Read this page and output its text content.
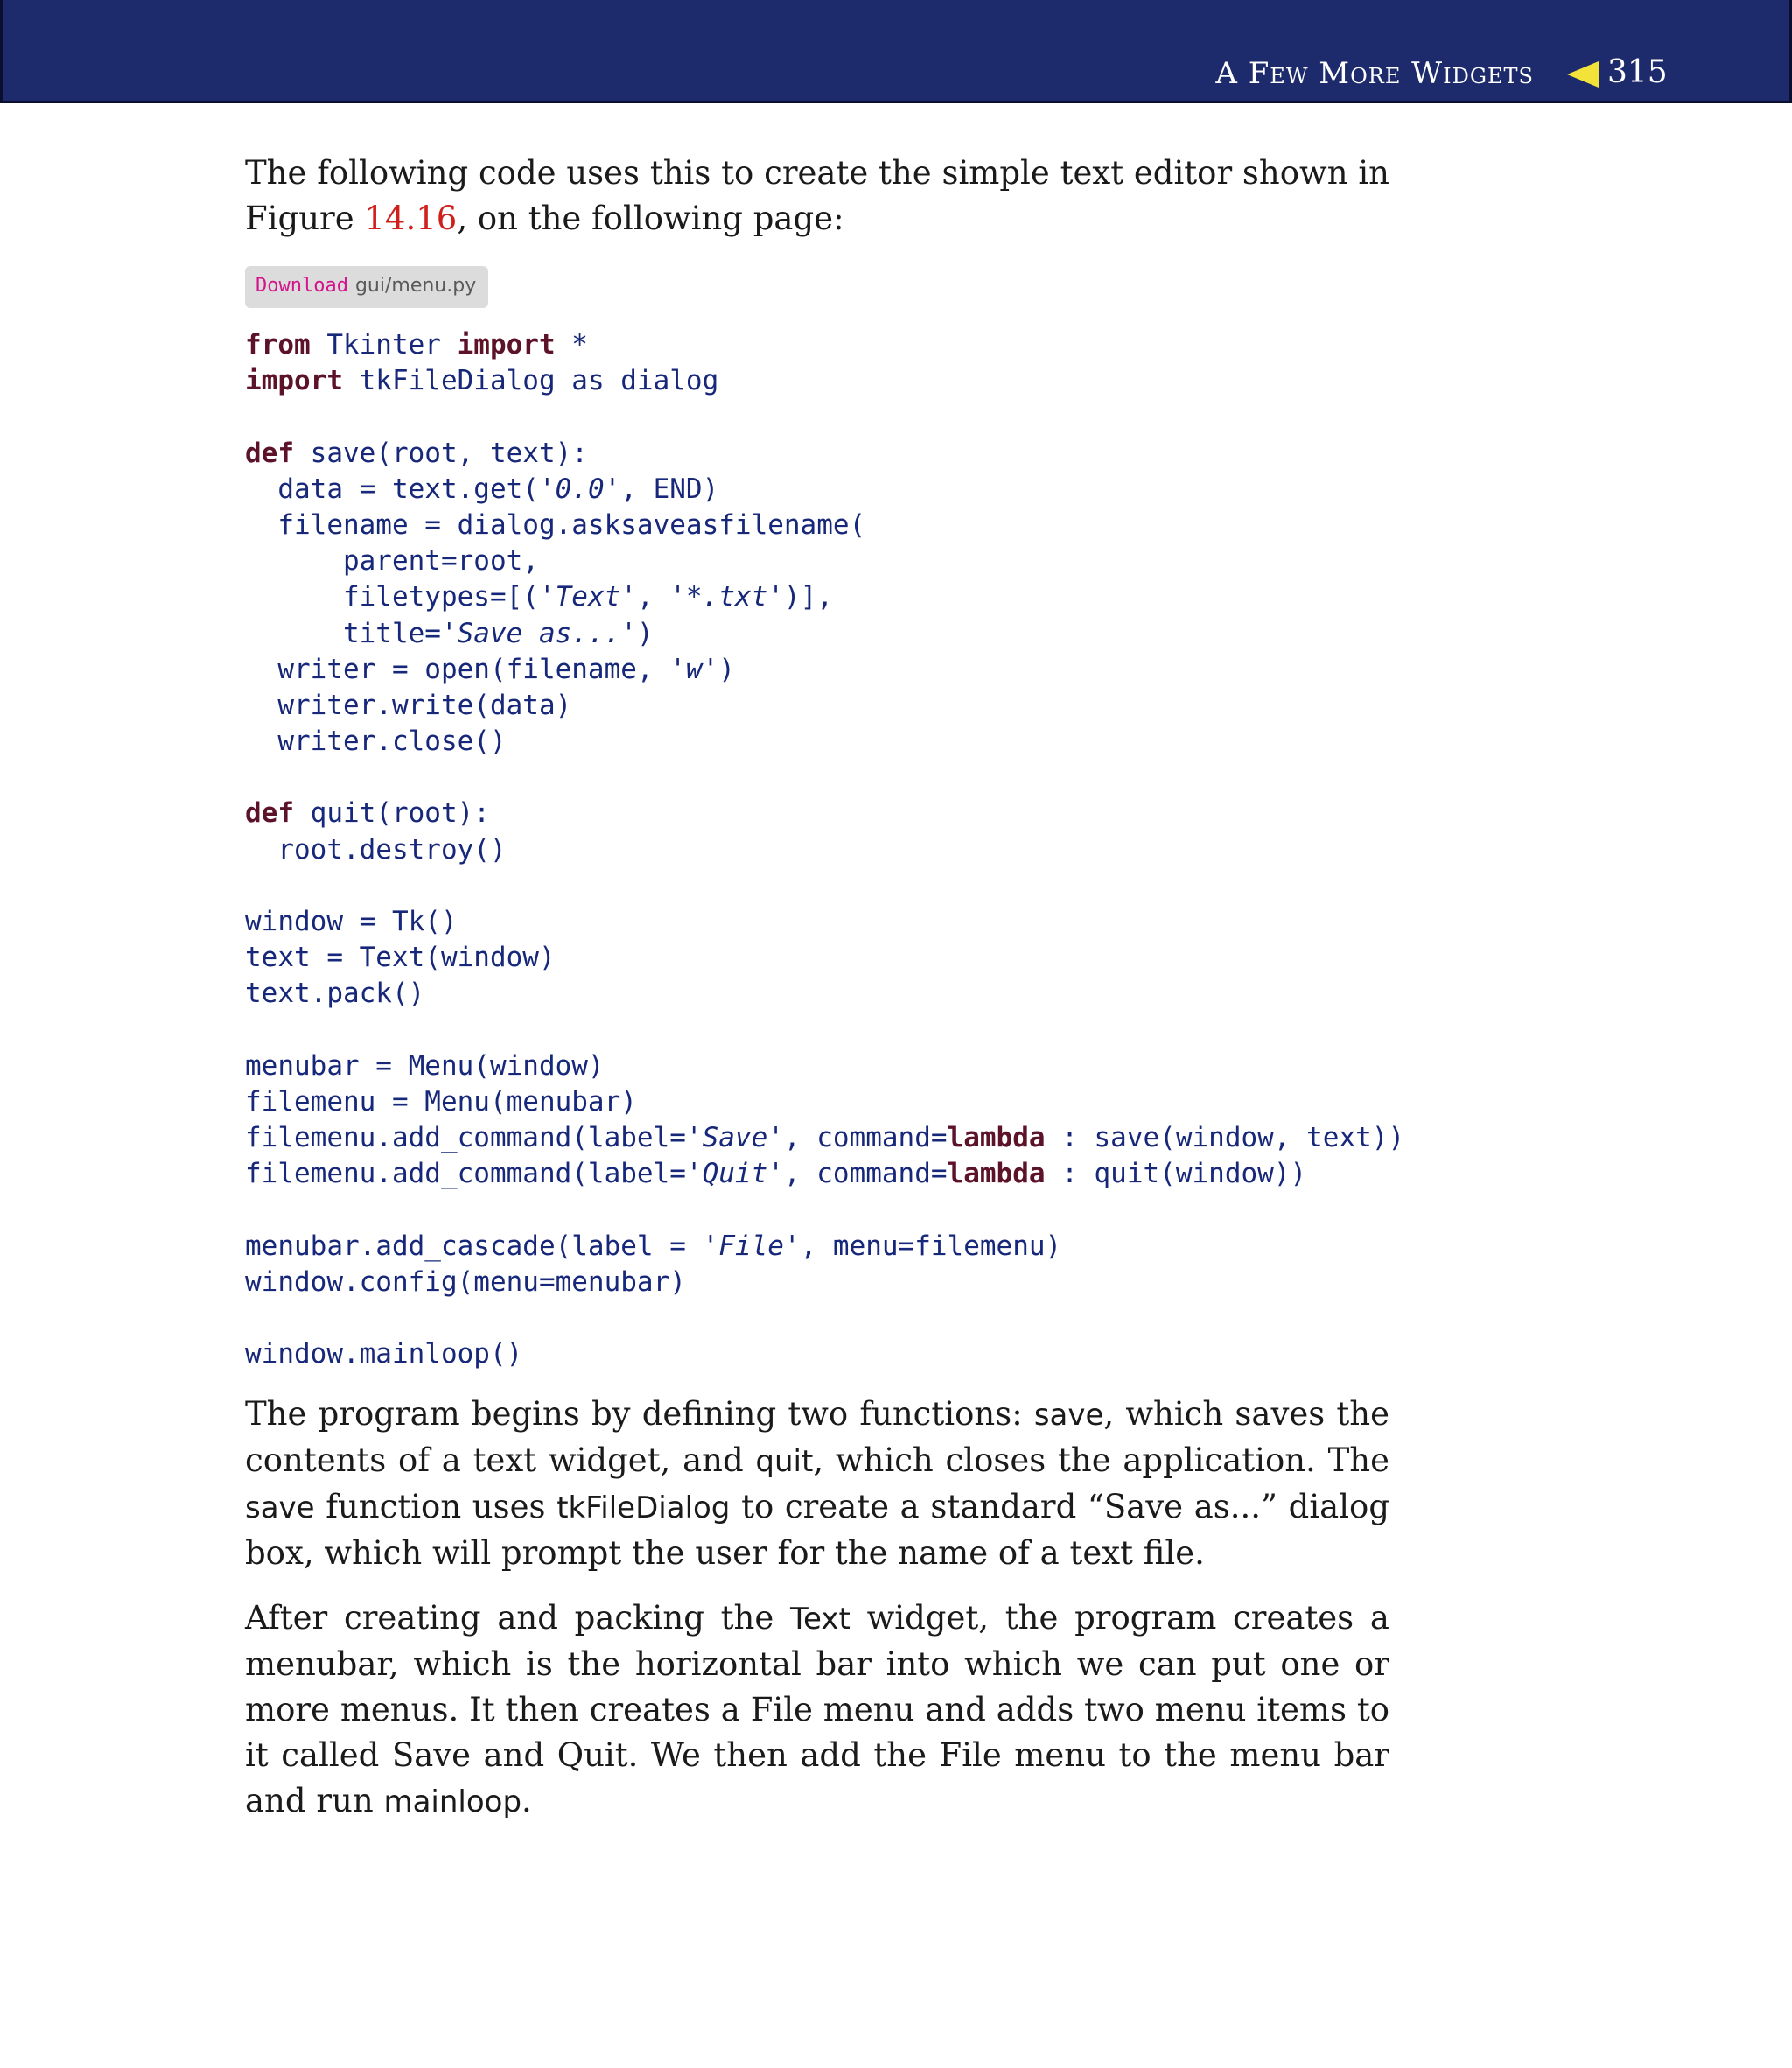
A Few More Widgets 315

The following code uses this to create the simple text editor shown in Figure 14.16, on the following page:

Download gui/menu.py
from Tkinter import *
import tkFileDialog as dialog

def save(root, text):
data = text.get('0.0', END)
filename = dialog.asksaveasfilename(
parent=root,
filetypes=[('Text', '*.txt')],
title='Save as...')
writer = open(filename, 'w')
writer.write(data)
writer.close()

def quit(root):
root.destroy()

window = Tk()
text = Text(window)
text.pack()

menubar = Menu(window)
filemenu = Menu(menubar)
filemenu.add_command(label='Save', command=lambda : save(window, text))
filemenu.add_command(label='Quit', command=lambda : quit(window))

menubar.add_cascade(label = 'File', menu=filemenu)
window.config(menu=menubar)

window.mainloop()

The program begins by defining two functions: save, which saves the contents of a text widget, and quit, which closes the application. The save function uses tkFileDialog to create a standard “Save as...” dialog box, which will prompt the user for the name of a text file.

After creating and packing the Text widget, the program creates a menubar, which is the horizontal bar into which we can put one or more menus. It then creates a File menu and adds two menu items to it called Save and Quit. We then add the File menu to the menu bar and run mainloop.
